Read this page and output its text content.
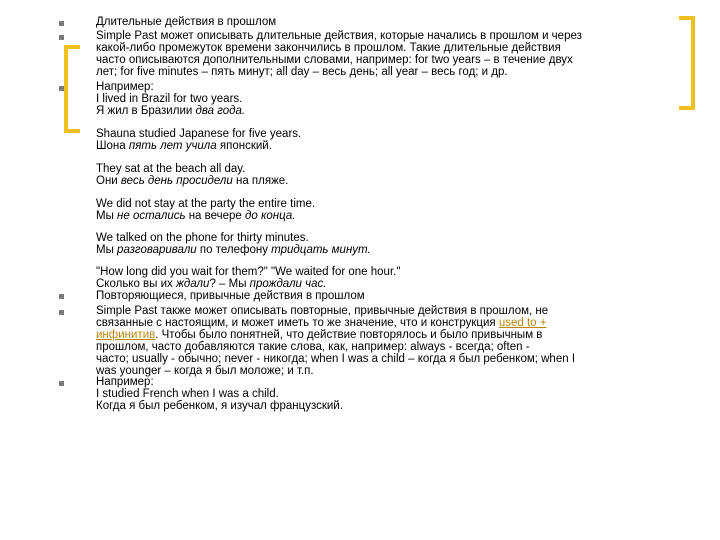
Длительные действия в прошлом
Simple Past может описывать длительные действия, которые начались в прошлом и через
какой-либо промежуток времени закончились в прошлом. Такие длительные действия
часто описываются дополнительными словами, например: for two years – в течение двух
лет; for five minutes – пять минут; all day – весь день; all year – весь год; и др.
Например:
I lived in Brazil for two years.
Я жил в Бразилии два года.
Shauna studied Japanese for five years.
Шона пять лет учила японский.
They sat at the beach all day.
Они весь день просидели на пляже.
We did not stay at the party the entire time.
Мы не остались на вечере до конца.
We talked on the phone for thirty minutes.
Мы разговаривали по телефону тридцать минут.
"How long did you wait for them?" "We waited for one hour."
Сколько вы их ждали? – Мы прождали час.
Повторяющиеся, привычные действия в прошлом
Simple Past также может описывать повторные, привычные действия в прошлом, не
связанные с настоящим, и может иметь то же значение, что и конструкция used to +
инфинитив. Чтобы было понятней, что действие повторялось и было привычным в
прошлом, часто добавляются такие слова, как, например: always - всегда; often -
часто; usually - обычно; never - никогда; when I was a child – когда я был ребенком; when I
was younger – когда я был моложе; и т.п.
Например:
I studied French when I was a child.
Когда я был ребенком, я изучал французский.
